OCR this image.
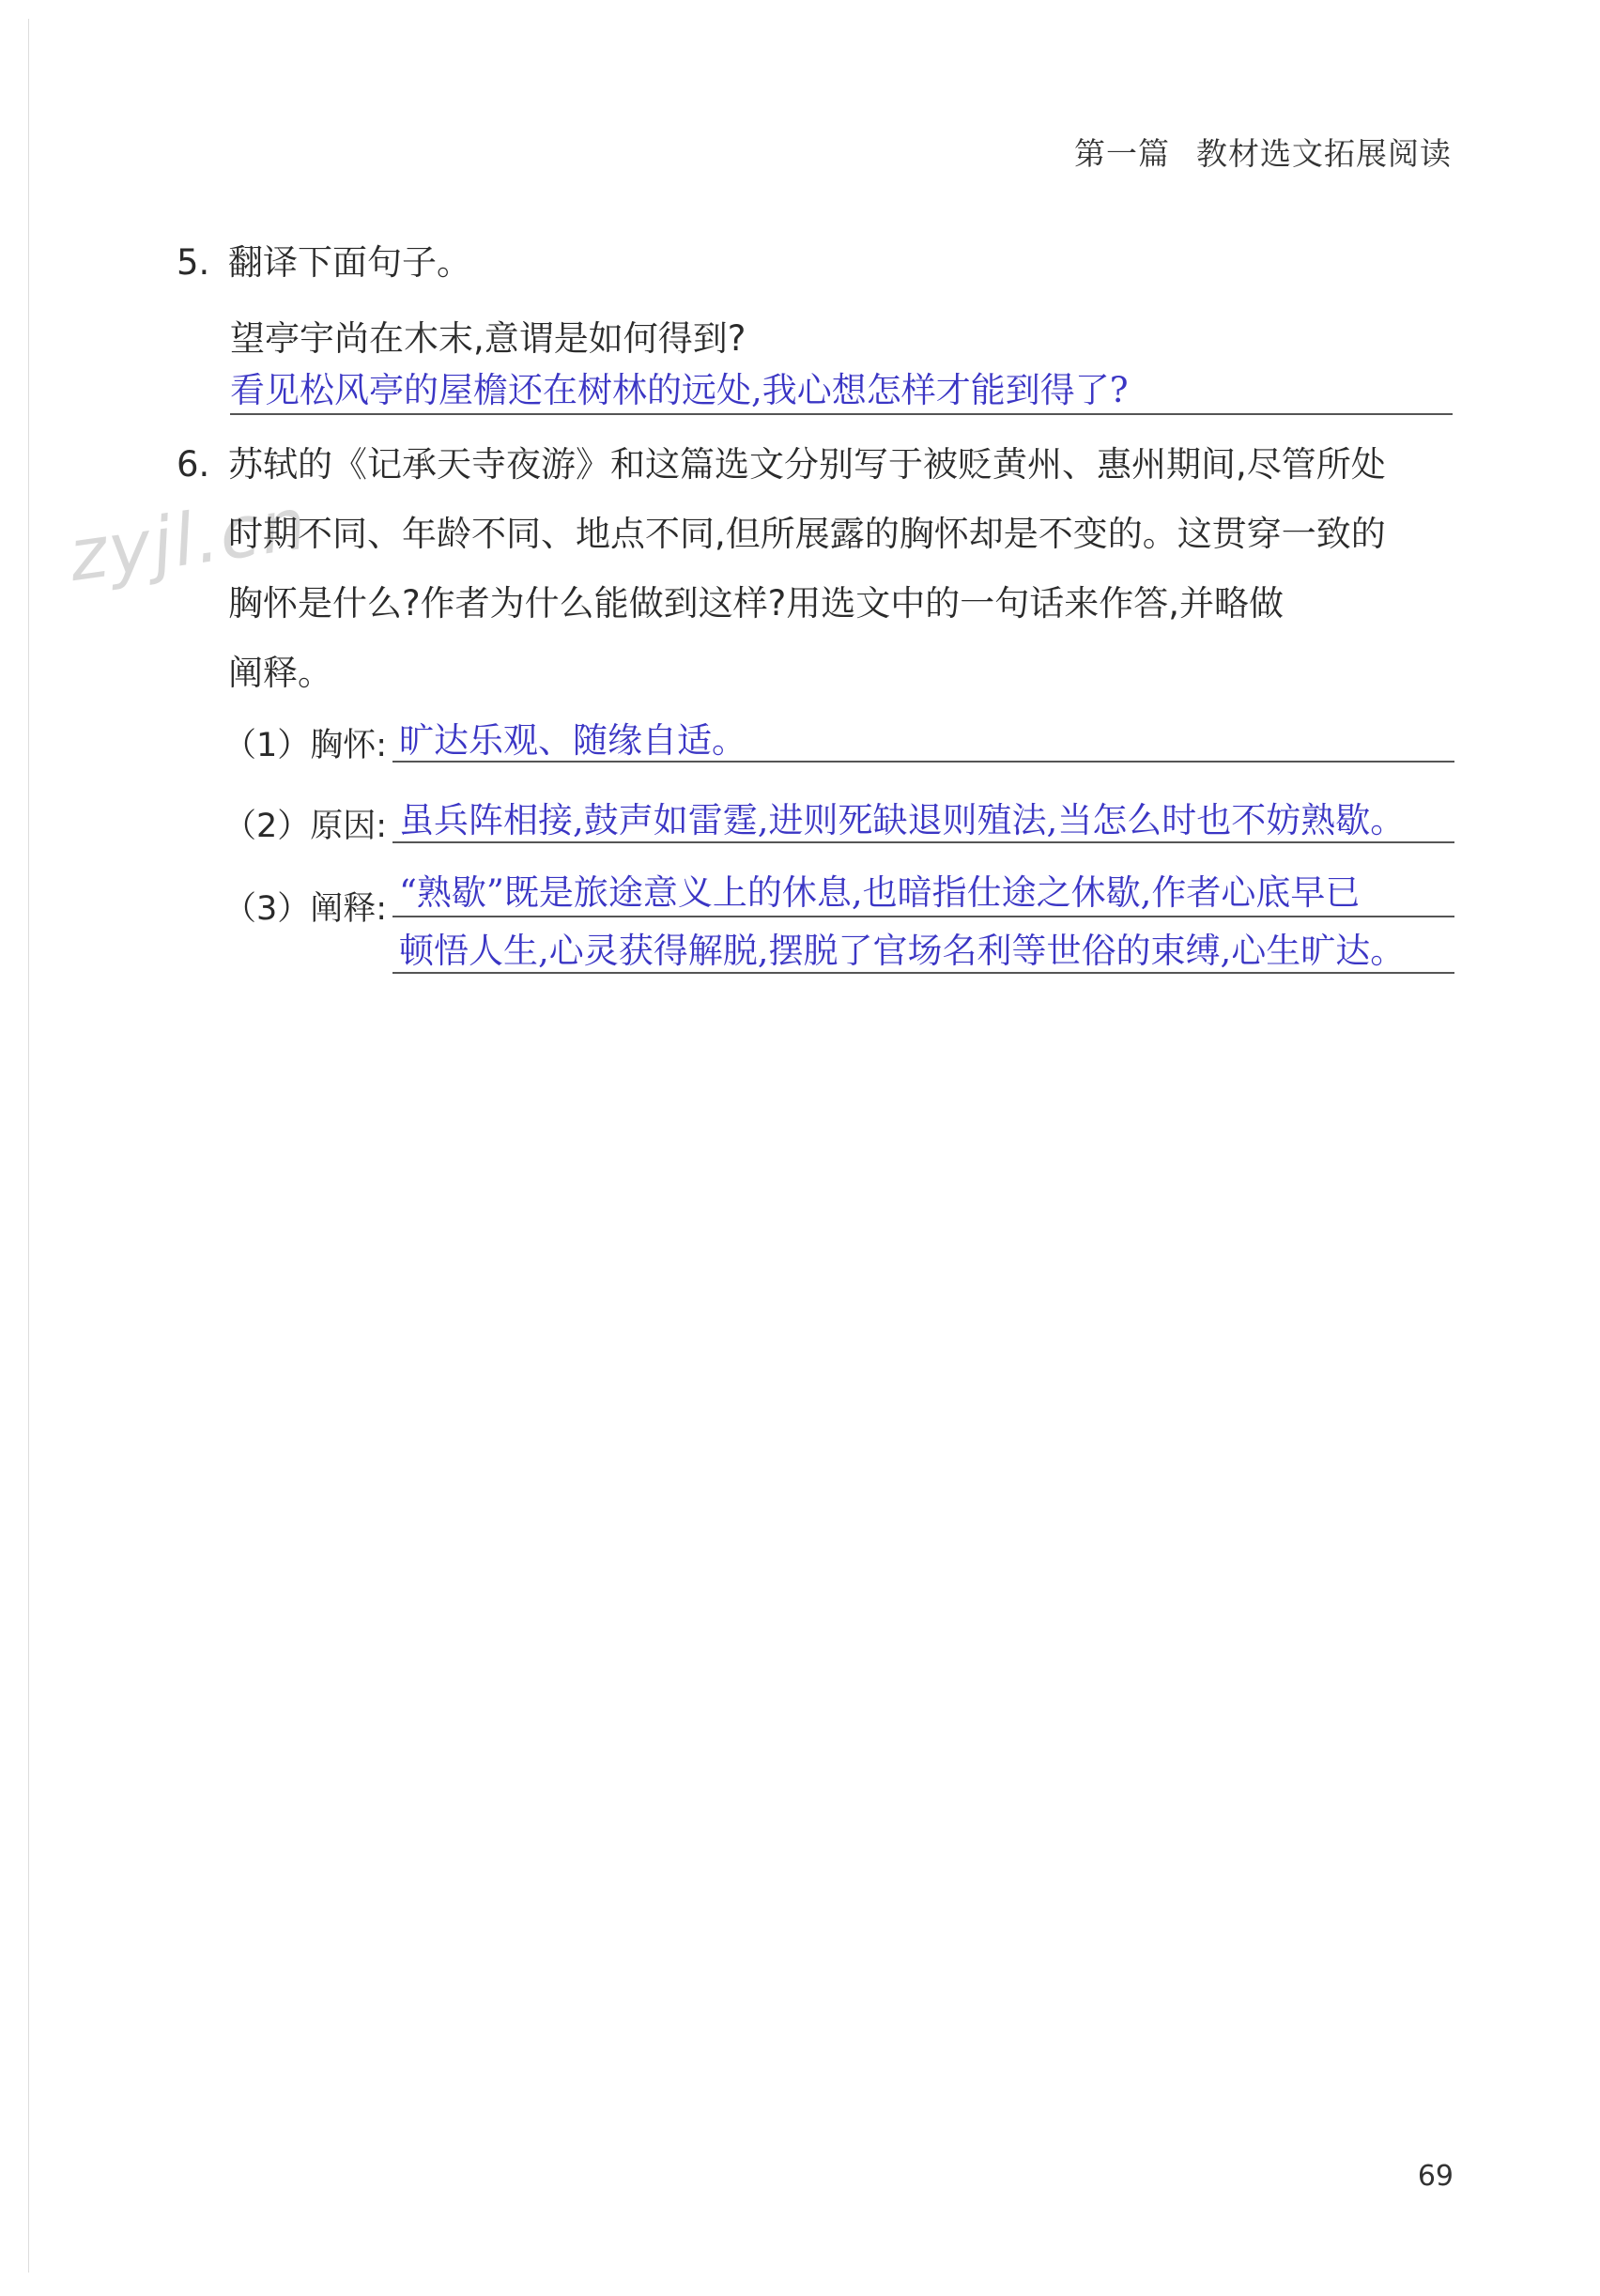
第一篇 教材选文拓展阅读
zyjl.cn
5. 翻译下面句子。
望亭宇尚在木末,意谓是如何得到?
看见松风亭的屋檐还在树林的远处,我心想怎样才能到得了?
6. 苏轼的《记承天寺夜游》和这篇选文分别写于被贬黄州、惠州期间,尽管所处
时期不同、年龄不同、地点不同,但所展露的胸怀却是不变的。这贯穿一致的
胸怀是什么?作者为什么能做到这样?用选文中的一句话来作答,并略做
阐释。
（1）胸怀: 旷达乐观、随缘自适。
（2）原因: 虽兵阵相接,鼓声如雷霆,进则死缺退则殖法,当怎么时也不妨熟歇。
（3）阐释: “熟歇”既是旅途意义上的休息,也暗指仕途之休歇,作者心底早已
顿悟人生,心灵获得解脱,摆脱了官场名利等世俗的束缚,心生旷达。
69
